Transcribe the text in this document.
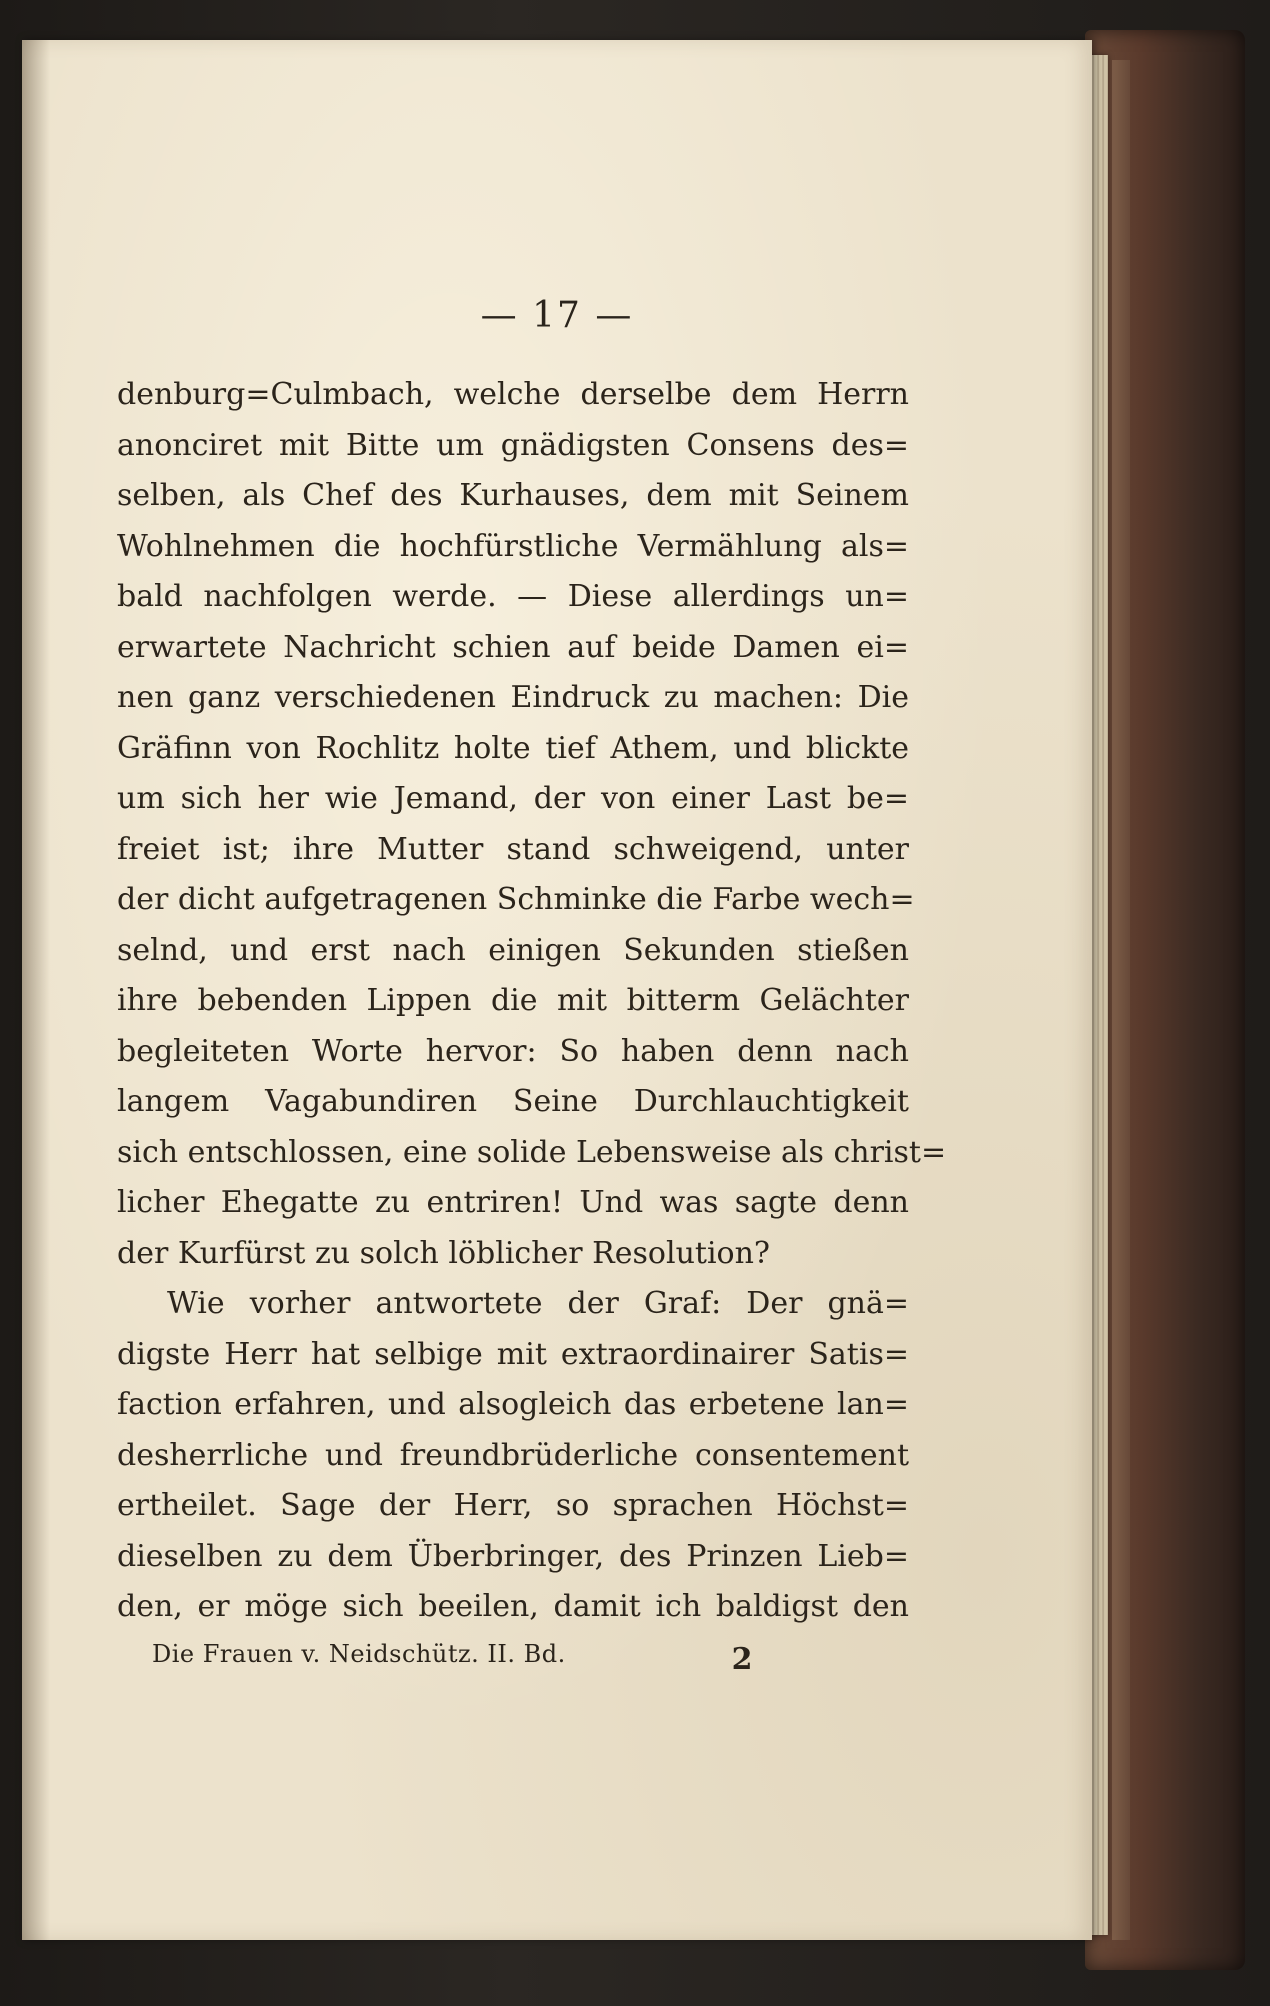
— 17 —
denburg=Culmbach, welche derselbe dem Herrn
anonciret mit Bitte um gnädigsten Consens des=
selben, als Chef des Kurhauses, dem mit Seinem
Wohlnehmen die hochfürstliche Vermählung als=
bald nachfolgen werde. — Diese allerdings un=
erwartete Nachricht schien auf beide Damen ei=
nen ganz verschiedenen Eindruck zu machen: Die
Gräfinn von Rochlitz holte tief Athem, und blickte
um sich her wie Jemand, der von einer Last be=
freiet ist; ihre Mutter stand schweigend, unter
der dicht aufgetragenen Schminke die Farbe wech=
selnd, und erst nach einigen Sekunden stießen
ihre bebenden Lippen die mit bitterm Gelächter
begleiteten Worte hervor: So haben denn nach
langem Vagabundiren Seine Durchlauchtigkeit
sich entschlossen, eine solide Lebensweise als christ=
licher Ehegatte zu entriren! Und was sagte denn
der Kurfürst zu solch löblicher Resolution?
Wie vorher antwortete der Graf: Der gnä=
digste Herr hat selbige mit extraordinairer Satis=
faction erfahren, und alsogleich das erbetene lan=
desherrliche und freundbrüderliche consentement
ertheilet. Sage der Herr, so sprachen Höchst=
dieselben zu dem Überbringer, des Prinzen Lieb=
den, er möge sich beeilen, damit ich baldigst den
Die Frauen v. Neidschütz. II. Bd.	2
